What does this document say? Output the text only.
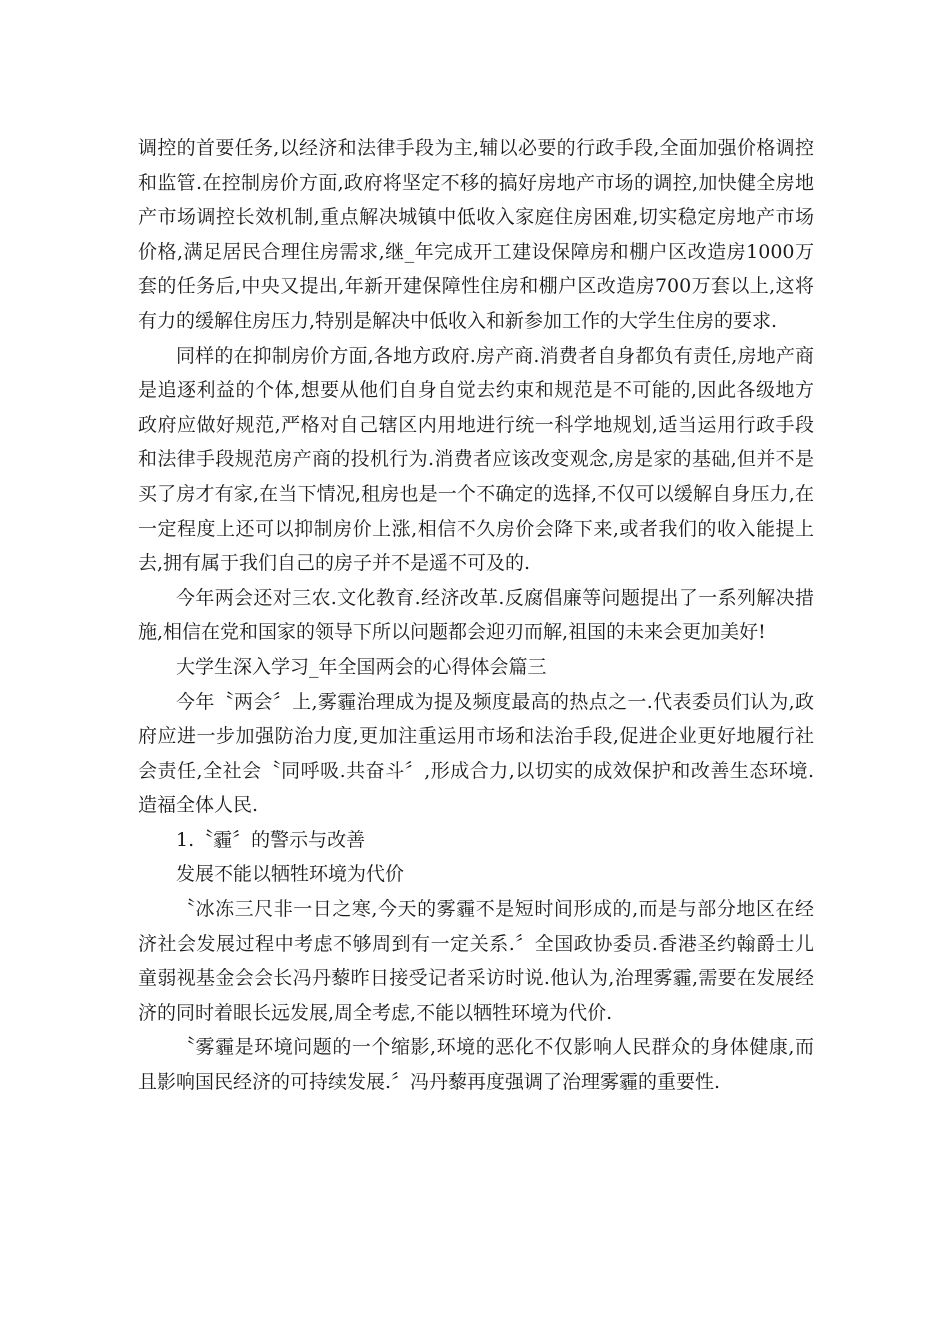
调控的首要任务,以经济和法律手段为主,辅以必要的行政手段,全面加强价格调控和监管.在控制房价方面,政府将坚定不移的搞好房地产市场的调控,加快健全房地产市场调控长效机制,重点解决城镇中低收入家庭住房困难,切实稳定房地产市场价格,满足居民合理住房需求,继_年完成开工建设保障房和棚户区改造房1000万套的任务后,中央又提出,年新开建保障性住房和棚户区改造房700万套以上,这将有力的缓解住房压力,特别是解决中低收入和新参加工作的大学生住房的要求.

同样的在抑制房价方面,各地方政府.房产商.消费者自身都负有责任,房地产商是追逐利益的个体,想要从他们自身自觉去约束和规范是不可能的,因此各级地方政府应做好规范,严格对自己辖区内用地进行统一科学地规划,适当运用行政手段和法律手段规范房产商的投机行为.消费者应该改变观念,房是家的基础,但并不是买了房才有家,在当下情况,租房也是一个不确定的选择,不仅可以缓解自身压力,在一定程度上还可以抑制房价上涨,相信不久房价会降下来,或者我们的收入能提上去,拥有属于我们自己的房子并不是遥不可及的.

今年两会还对三农.文化教育.经济改革.反腐倡廉等问题提出了一系列解决措施,相信在党和国家的领导下所以问题都会迎刃而解,祖国的未来会更加美好!

大学生深入学习_年全国两会的心得体会篇三

今年〝两会〞上,雾霾治理成为提及频度最高的热点之一.代表委员们认为,政府应进一步加强防治力度,更加注重运用市场和法治手段,促进企业更好地履行社会责任,全社会〝同呼吸.共奋斗〞,形成合力,以切实的成效保护和改善生态环境.造福全体人民.

1.〝霾〞的警示与改善

发展不能以牺牲环境为代价

〝冰冻三尺非一日之寒,今天的雾霾不是短时间形成的,而是与部分地区在经济社会发展过程中考虑不够周到有一定关系.〞全国政协委员.香港圣约翰爵士儿童弱视基金会会长冯丹藜昨日接受记者采访时说.他认为,治理雾霾,需要在发展经济的同时着眼长远发展,周全考虑,不能以牺牲环境为代价.

〝雾霾是环境问题的一个缩影,环境的恶化不仅影响人民群众的身体健康,而且影响国民经济的可持续发展.〞冯丹藜再度强调了治理雾霾的重要性.
